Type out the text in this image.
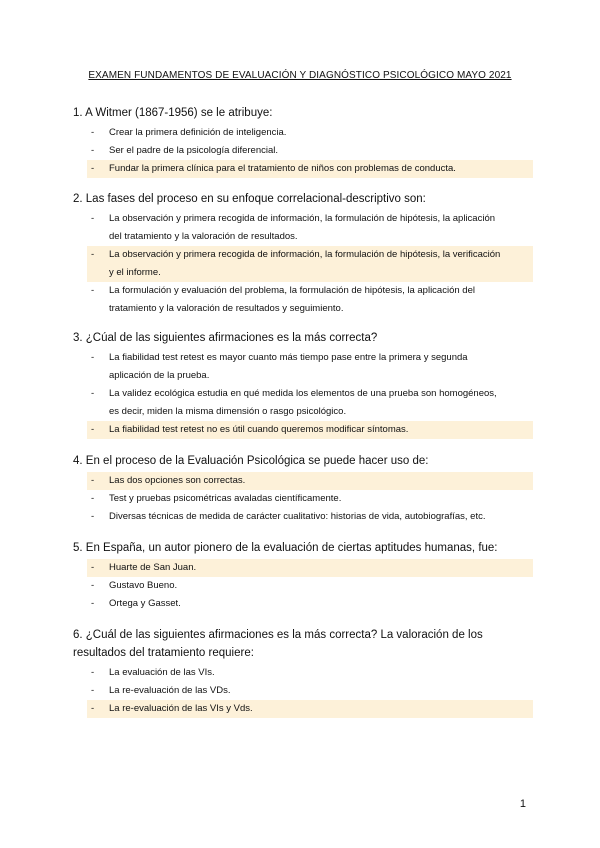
EXAMEN FUNDAMENTOS DE EVALUACIÓN Y DIAGNÓSTICO PSICOLÓGICO MAYO 2021

1. A Witmer (1867-1956) se le atribuye:

- Crear la primera definición de inteligencia.
- Ser el padre de la psicología diferencial.
- Fundar la primera clínica para el tratamiento de niños con problemas de conducta.

2. Las fases del proceso en su enfoque correlacional-descriptivo son:

- La observación y primera recogida de información, la formulación de hipótesis, la aplicación
del tratamiento y la valoración de resultados.
- La observación y primera recogida de información, la formulación de hipótesis, la verificación
y el informe.
- La formulación y evaluación del problema, la formulación de hipótesis, la aplicación del
tratamiento y la valoración de resultados y seguimiento.

3. ¿Cúal de las siguientes afirmaciones es la más correcta?

- La fiabilidad test retest es mayor cuanto más tiempo pase entre la primera y segunda
aplicación de la prueba.
- La validez ecológica estudia en qué medida los elementos de una prueba son homogéneos,
es decir, miden la misma dimensión o rasgo psicológico.
- La fiabilidad test retest no es útil cuando queremos modificar síntomas.

4. En el proceso de la Evaluación Psicológica se puede hacer uso de:

- Las dos opciones son correctas.
- Test y pruebas psicométricas avaladas científicamente.
- Diversas técnicas de medida de carácter cualitativo: historias de vida, autobiografías, etc.

5. En España, un autor pionero de la evaluación de ciertas aptitudes humanas, fue:

- Huarte de San Juan.
- Gustavo Bueno.
- Ortega y Gasset.

6. ¿Cuál de las siguientes afirmaciones es la más correcta? La valoración de los resultados del tratamiento requiere:

- La evaluación de las VIs.
- La re-evaluación de las VDs.
- La re-evaluación de las VIs y Vds.
1
